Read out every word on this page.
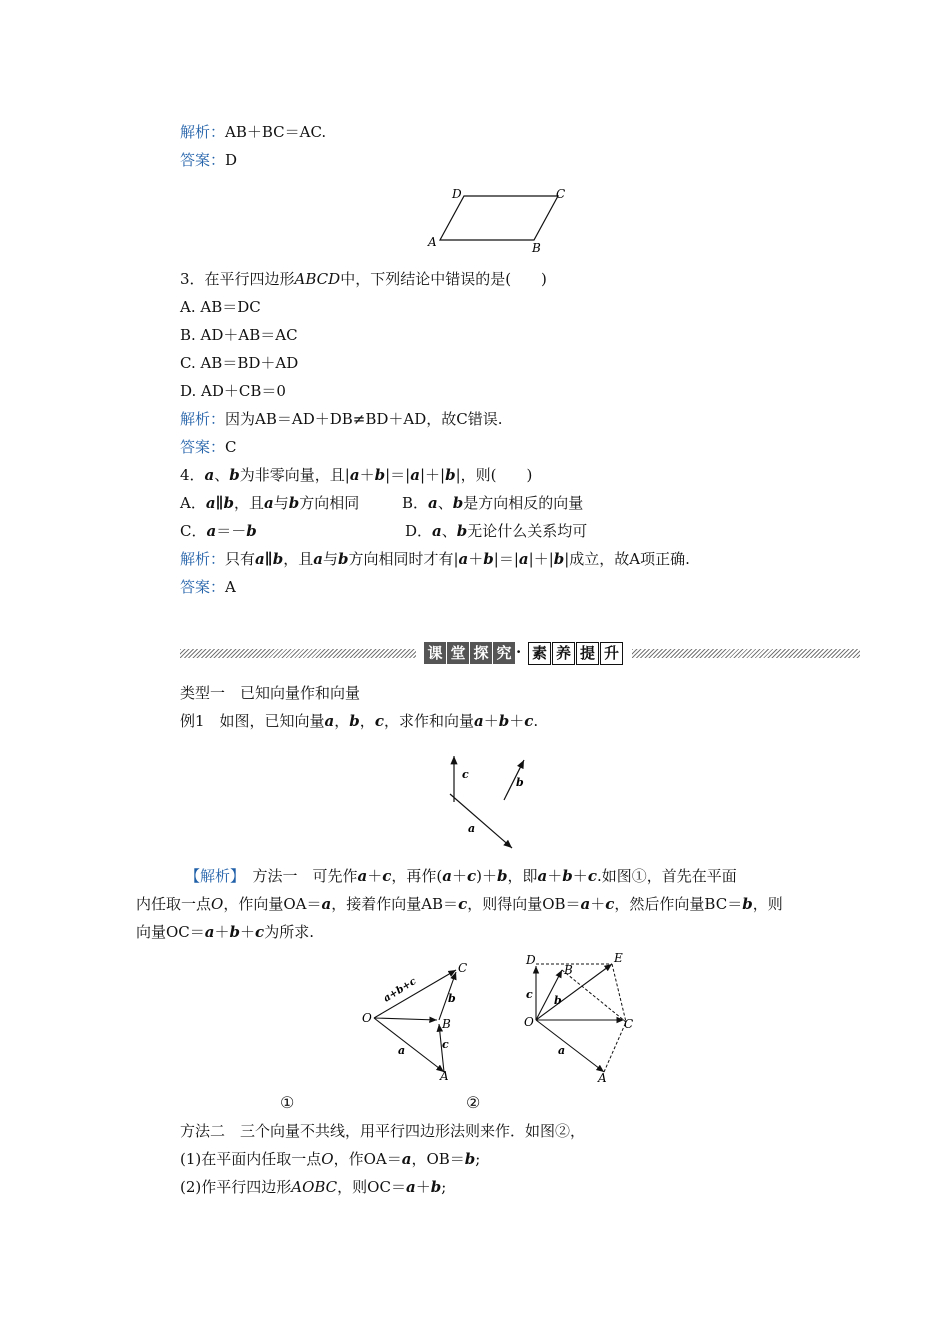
解析：AB＋BC＝AC.
答案：D
A	B
C
D
3．在平行四边形ABCD中，下列结论中错误的是(　　)
A. AB＝DC
B. AD＋AB＝AC
C. AB＝BD＋AD
D. AD＋CB＝0
解析：因为AB＝AD＋DB≠BD＋AD，故C错误.
答案：C
4．a、b为非零向量，且|a＋b|＝|a|＋|b|，则(　　)
A．a∥b，且a与b方向相同	B．a、b是方向相反的向量
C．a＝－b	D．a、b无论什么关系均可
解析：只有a∥b，且a与b方向相同时才有|a＋b|＝|a|＋|b|成立，故A项正确.
答案：A
课 堂 探 究 · 素 养 提 升
类型一　已知向量作和向量
例1　如图，已知向量a，b，c，求作和向量a＋b＋c.
c
b
a
【解析】　方法一　可先作a＋c，再作(a＋c)＋b，即a＋b＋c.如图①，首先在平面
内任取一点O，作向量OA＝a，接着作向量AB＝c，则得向量OB＝a＋c，然后作向量BC＝b，则
向量OC＝a＋b＋c为所求.
O
A
B
C
a
b
c
a+b+c
O
A
B
C
D	E
a
b
c
①	②
方法二　三个向量不共线，用平行四边形法则来作．如图②，
(1)在平面内任取一点O，作OA＝a，OB＝b;
(2)作平行四边形AOBC，则OC＝a＋b;
